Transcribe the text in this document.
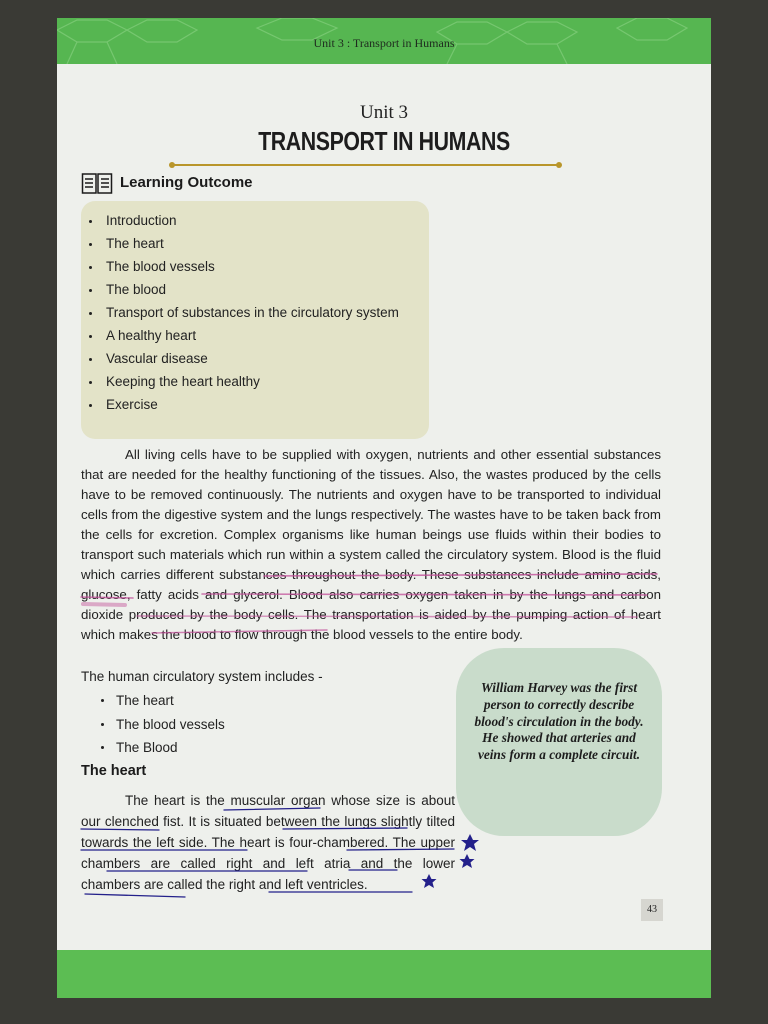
Unit 3 : Transport in Humans
Unit 3
TRANSPORT IN HUMANS
Learning Outcome
Introduction
The heart
The blood vessels
The blood
Transport of substances in the circulatory system
A healthy heart
Vascular disease
Keeping the heart healthy
Exercise

All living cells have to be supplied with oxygen, nutrients and other essential substances that are needed for the healthy functioning of the tissues. Also, the wastes produced by the cells have to be removed continuously. The nutrients and oxygen have to be transported to individual cells from the digestive system and the lungs respectively. The wastes have to be taken back from the cells for excretion. Complex organisms like human beings use fluids within their bodies to transport such materials which run within a system called the circulatory system. Blood is the fluid which carries different substances throughout the body. These substances include amino acids, glucose, fatty acids and glycerol. Blood also carries oxygen taken in by the lungs and carbon dioxide produced by the body cells. The transportation is aided by the pumping action of heart which makes the blood to flow through the blood vessels to the entire body.

The human circulatory system includes -
The heart
The blood vessels
The Blood
The heart

The heart is the muscular organ whose size is about our clenched fist. It is situated between the lungs slightly tilted towards the left side. The heart is four-chambered. The upper chambers are called right and left atria and the lower chambers are called the right and left ventricles.

William Harvey was the first person to correctly describe blood's circulation in the body. He showed that arteries and veins form a complete circuit.

43
